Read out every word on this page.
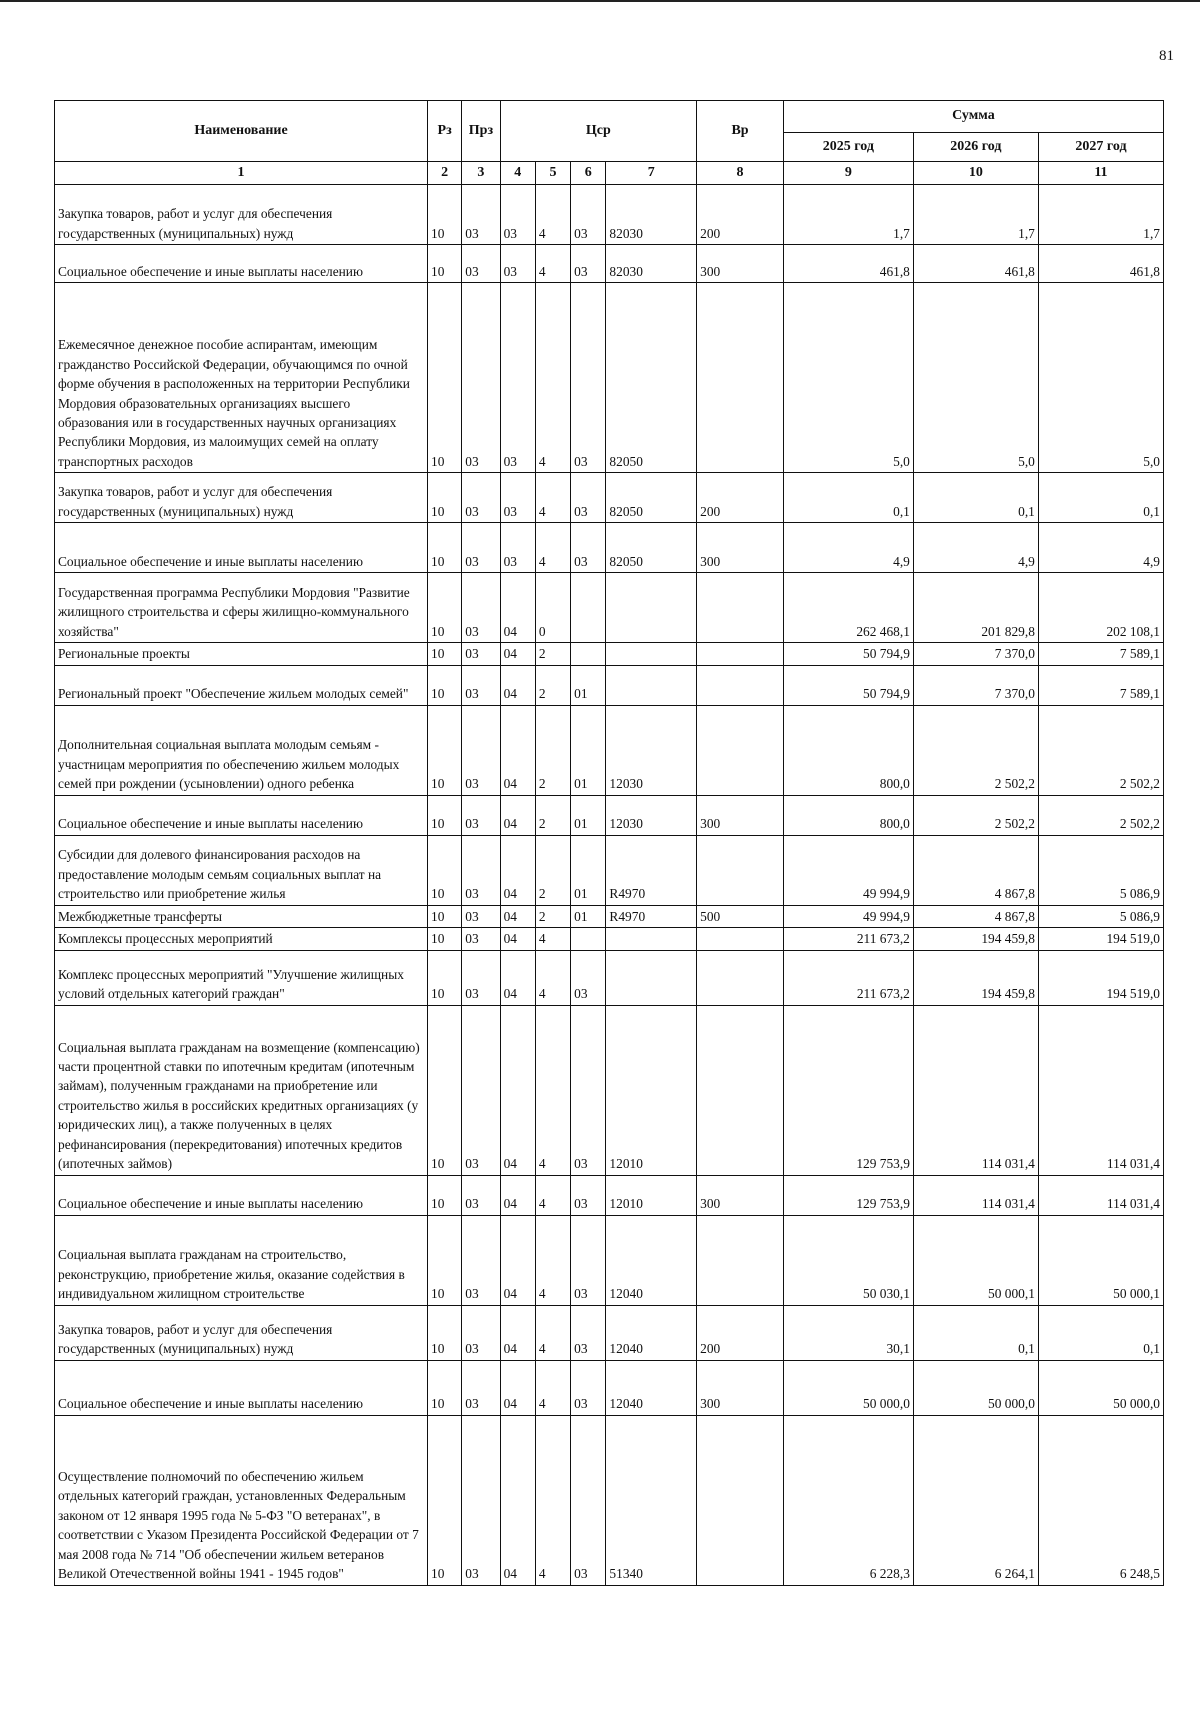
81
Наименование	Рз	Прз	Цср				Вр	Сумма		
								2025 год	2026 год	2027 год
1	2	3	4	5	6	7	8	9	10	11
Закупка товаров, работ и услуг для обеспечения государственных (муниципальных) нужд	10	03	03	4	03	82030	200	1,7	1,7	1,7
Социальное обеспечение и иные выплаты населению	10	03	03	4	03	82030	300	461,8	461,8	461,8
Ежемесячное денежное пособие аспирантам, имеющим гражданство Российской Федерации, обучающимся по очной форме обучения в расположенных на территории Республики Мордовия образовательных организациях высшего образования или в государственных научных организациях Республики Мордовия, из малоимущих семей на оплату транспортных расходов	10	03	03	4	03	82050		5,0	5,0	5,0
Закупка товаров, работ и услуг для обеспечения государственных (муниципальных) нужд	10	03	03	4	03	82050	200	0,1	0,1	0,1
Социальное обеспечение и иные выплаты населению	10	03	03	4	03	82050	300	4,9	4,9	4,9
Государственная программа Республики Мордовия "Развитие жилищного строительства и сферы жилищно-коммунального хозяйства"	10	03	04	0				262 468,1	201 829,8	202 108,1
Региональные проекты	10	03	04	2				50 794,9	7 370,0	7 589,1
Региональный проект "Обеспечение жильем молодых семей"	10	03	04	2	01			50 794,9	7 370,0	7 589,1
Дополнительная социальная выплата молодым семьям - участницам мероприятия по обеспечению жильем молодых семей при рождении (усыновлении) одного ребенка	10	03	04	2	01	12030		800,0	2 502,2	2 502,2
Социальное обеспечение и иные выплаты населению	10	03	04	2	01	12030	300	800,0	2 502,2	2 502,2
Субсидии для долевого финансирования расходов на предоставление молодым семьям социальных выплат на строительство или приобретение жилья	10	03	04	2	01	R4970		49 994,9	4 867,8	5 086,9
Межбюджетные трансферты	10	03	04	2	01	R4970	500	49 994,9	4 867,8	5 086,9
Комплексы процессных мероприятий	10	03	04	4				211 673,2	194 459,8	194 519,0
Комплекс процессных мероприятий "Улучшение жилищных условий отдельных категорий граждан"	10	03	04	4	03			211 673,2	194 459,8	194 519,0
Социальная выплата гражданам на возмещение (компенсацию) части процентной ставки по ипотечным кредитам (ипотечным займам), полученным гражданами на приобретение или строительство жилья в российских кредитных организациях (у юридических лиц), а также полученных в целях рефинансирования (перекредитования) ипотечных кредитов (ипотечных займов)	10	03	04	4	03	12010		129 753,9	114 031,4	114 031,4
Социальное обеспечение и иные выплаты населению	10	03	04	4	03	12010	300	129 753,9	114 031,4	114 031,4
Социальная выплата гражданам на строительство, реконструкцию, приобретение жилья, оказание содействия в индивидуальном жилищном строительстве	10	03	04	4	03	12040		50 030,1	50 000,1	50 000,1
Закупка товаров, работ и услуг для обеспечения государственных (муниципальных) нужд	10	03	04	4	03	12040	200	30,1	0,1	0,1
Социальное обеспечение и иные выплаты населению	10	03	04	4	03	12040	300	50 000,0	50 000,0	50 000,0
Осуществление полномочий по обеспечению жильем отдельных категорий граждан, установленных Федеральным законом от 12 января 1995 года № 5-ФЗ "О ветеранах", в соответствии с Указом Президента Российской Федерации от 7 мая 2008 года № 714 "Об обеспечении жильем ветеранов Великой Отечественной войны 1941 - 1945 годов"	10	03	04	4	03	51340		6 228,3	6 264,1	6 248,5
